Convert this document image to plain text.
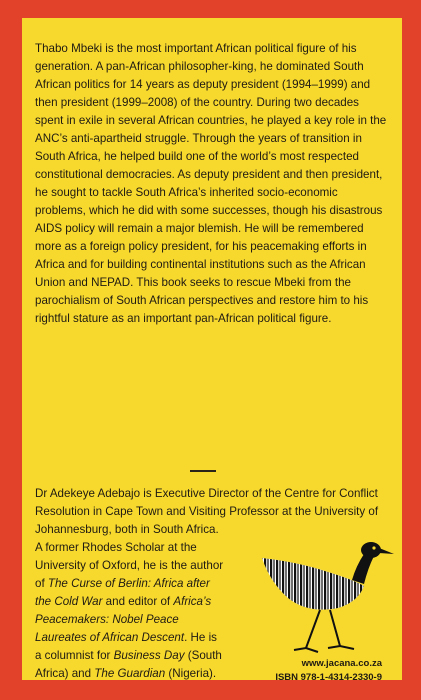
Thabo Mbeki is the most important African political figure of his generation. A pan-African philosopher-king, he dominated South African politics for 14 years as deputy president (1994–1999) and then president (1999–2008) of the country. During two decades spent in exile in several African countries, he played a key role in the ANC’s anti-apartheid struggle. Through the years of transition in South Africa, he helped build one of the world’s most respected constitutional democracies. As deputy president and then president, he sought to tackle South Africa’s inherited socio-economic problems, which he did with some successes, though his disastrous AIDS policy will remain a major blemish. He will be remembered more as a foreign policy president, for his peacemaking efforts in Africa and for building continental institutions such as the African Union and NEPAD. This book seeks to rescue Mbeki from the parochialism of South African perspectives and restore him to his rightful stature as an important pan-African political figure.

Dr Adekeye Adebajo is Executive Director of the Centre for Conflict Resolution in Cape Town and Visiting Professor at the University of Johannesburg, both in South Africa.

A former Rhodes Scholar at the University of Oxford, he is the author of The Curse of Berlin: Africa after the Cold War and editor of Africa’s Peacemakers: Nobel Peace Laureates of African Descent. He is a columnist for Business Day (South Africa) and The Guardian (Nigeria).

www.jacana.co.za

ISBN 978-1-4314-2330-9
